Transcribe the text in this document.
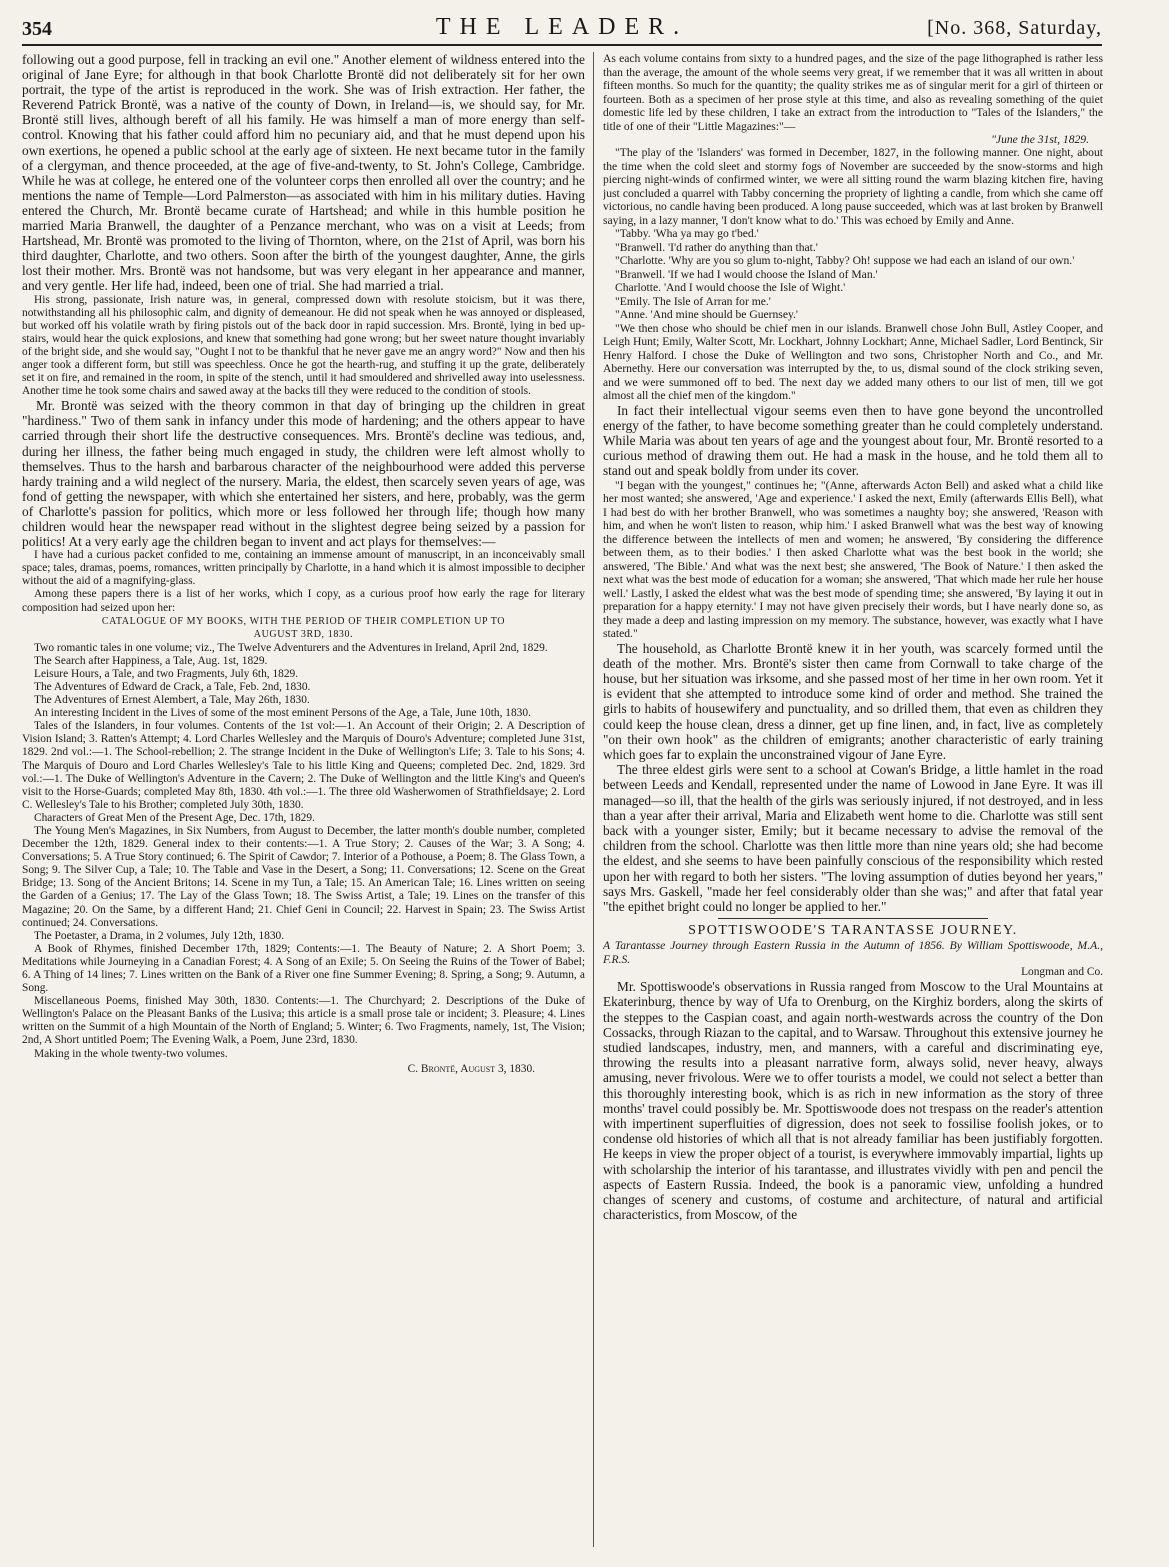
354	THE LEADER.	[No. 368, Saturday,

following out a good purpose, fell in tracking an evil one." Another element of wildness entered into the original of Jane Eyre; for although in that book Charlotte Brontë did not deliberately sit for her own portrait, the type of the artist is reproduced in the work. She was of Irish extraction. Her father, the Reverend Patrick Brontë, was a native of the county of Down, in Ireland—is, we should say, for Mr. Brontë still lives, although bereft of all his family. He was himself a man of more energy than self-control. Knowing that his father could afford him no pecuniary aid, and that he must depend upon his own exertions, he opened a public school at the early age of sixteen. He next became tutor in the family of a clergyman, and thence proceeded, at the age of five-and-twenty, to St. John's College, Cambridge. While he was at college, he entered one of the volunteer corps then enrolled all over the country; and he mentions the name of Temple—Lord Palmerston—as associated with him in his military duties. Having entered the Church, Mr. Brontë became curate of Hartshead; and while in this humble position he married Maria Branwell, the daughter of a Penzance merchant, who was on a visit at Leeds; from Hartshead, Mr. Brontë was promoted to the living of Thornton, where, on the 21st of April, was born his third daughter, Charlotte, and two others. Soon after the birth of the youngest daughter, Anne, the girls lost their mother. Mrs. Brontë was not handsome, but was very elegant in her appearance and manner, and very gentle. Her life had, indeed, been one of trial. She had married a trial.

His strong, passionate, Irish nature was, in general, compressed down with resolute stoicism, but it was there, notwithstanding all his philosophic calm, and dignity of demeanour. He did not speak when he was annoyed or displeased, but worked off his volatile wrath by firing pistols out of the back door in rapid succession. Mrs. Brontë, lying in bed up-stairs, would hear the quick explosions, and knew that something had gone wrong; but her sweet nature thought invariably of the bright side, and she would say, "Ought I not to be thankful that he never gave me an angry word?" Now and then his anger took a different form, but still was speechless. Once he got the hearth-rug, and stuffing it up the grate, deliberately set it on fire, and remained in the room, in spite of the stench, until it had smouldered and shrivelled away into uselessness. Another time he took some chairs and sawed away at the backs till they were reduced to the condition of stools.

Mr. Brontë was seized with the theory common in that day of bringing up the children in great "hardiness." Two of them sank in infancy under this mode of hardening; and the others appear to have carried through their short life the destructive consequences. Mrs. Brontë's decline was tedious, and, during her illness, the father being much engaged in study, the children were left almost wholly to themselves. Thus to the harsh and barbarous character of the neighbourhood were added this perverse hardy training and a wild neglect of the nursery. Maria, the eldest, then scarcely seven years of age, was fond of getting the newspaper, with which she entertained her sisters, and here, probably, was the germ of Charlotte's passion for politics, which more or less followed her through life; though how many children would hear the newspaper read without in the slightest degree being seized by a passion for politics! At a very early age the children began to invent and act plays for themselves:—

I have had a curious packet confided to me, containing an immense amount of manuscript, in an inconceivably small space; tales, dramas, poems, romances, written principally by Charlotte, in a hand which it is almost impossible to decipher without the aid of a magnifying-glass.

Among these papers there is a list of her works, which I copy, as a curious proof how early the rage for literary composition had seized upon her:

CATALOGUE OF MY BOOKS, WITH THE PERIOD OF THEIR COMPLETION UP TO

AUGUST 3RD, 1830.

Two romantic tales in one volume; viz., The Twelve Adventurers and the Adventures in Ireland, April 2nd, 1829.

The Search after Happiness, a Tale, Aug. 1st, 1829.

Leisure Hours, a Tale, and two Fragments, July 6th, 1829.

The Adventures of Edward de Crack, a Tale, Feb. 2nd, 1830.

The Adventures of Ernest Alembert, a Tale, May 26th, 1830.

An interesting Incident in the Lives of some of the most eminent Persons of the Age, a Tale, June 10th, 1830.

Tales of the Islanders, in four volumes. Contents of the 1st vol:—1. An Account of their Origin; 2. A Description of Vision Island; 3. Ratten's Attempt; 4. Lord Charles Wellesley and the Marquis of Douro's Adventure; completed June 31st, 1829. 2nd vol.:—1. The School-rebellion; 2. The strange Incident in the Duke of Wellington's Life; 3. Tale to his Sons; 4. The Marquis of Douro and Lord Charles Wellesley's Tale to his little King and Queens; completed Dec. 2nd, 1829. 3rd vol.:—1. The Duke of Wellington's Adventure in the Cavern; 2. The Duke of Wellington and the little King's and Queen's visit to the Horse-Guards; completed May 8th, 1830. 4th vol.:—1. The three old Washerwomen of Strathfieldsaye; 2. Lord C. Wellesley's Tale to his Brother; completed July 30th, 1830.

Characters of Great Men of the Present Age, Dec. 17th, 1829.

The Young Men's Magazines, in Six Numbers, from August to December, the latter month's double number, completed December the 12th, 1829. General index to their contents:—1. A True Story; 2. Causes of the War; 3. A Song; 4. Conversations; 5. A True Story continued; 6. The Spirit of Cawdor; 7. Interior of a Pothouse, a Poem; 8. The Glass Town, a Song; 9. The Silver Cup, a Tale; 10. The Table and Vase in the Desert, a Song; 11. Conversations; 12. Scene on the Great Bridge; 13. Song of the Ancient Britons; 14. Scene in my Tun, a Tale; 15. An American Tale; 16. Lines written on seeing the Garden of a Genius; 17. The Lay of the Glass Town; 18. The Swiss Artist, a Tale; 19. Lines on the transfer of this Magazine; 20. On the Same, by a different Hand; 21. Chief Geni in Council; 22. Harvest in Spain; 23. The Swiss Artist continued; 24. Conversations.

The Poetaster, a Drama, in 2 volumes, July 12th, 1830.

A Book of Rhymes, finished December 17th, 1829; Contents:—1. The Beauty of Nature; 2. A Short Poem; 3. Meditations while Journeying in a Canadian Forest; 4. A Song of an Exile; 5. On Seeing the Ruins of the Tower of Babel; 6. A Thing of 14 lines; 7. Lines written on the Bank of a River one fine Summer Evening; 8. Spring, a Song; 9. Autumn, a Song.

Miscellaneous Poems, finished May 30th, 1830. Contents:—1. The Churchyard; 2. Descriptions of the Duke of Wellington's Palace on the Pleasant Banks of the Lusiva; this article is a small prose tale or incident; 3. Pleasure; 4. Lines written on the Summit of a high Mountain of the North of England; 5. Winter; 6. Two Fragments, namely, 1st, The Vision; 2nd, A Short untitled Poem; The Evening Walk, a Poem, June 23rd, 1830.

Making in the whole twenty-two volumes.

C. Brontë, August 3, 1830.

As each volume contains from sixty to a hundred pages, and the size of the page lithographed is rather less than the average, the amount of the whole seems very great, if we remember that it was all written in about fifteen months. So much for the quantity; the quality strikes me as of singular merit for a girl of thirteen or fourteen. Both as a specimen of her prose style at this time, and also as revealing something of the quiet domestic life led by these children, I take an extract from the introduction to "Tales of the Islanders," the title of one of their "Little Magazines:"—

"June the 31st, 1829.

"The play of the 'Islanders' was formed in December, 1827, in the following manner. One night, about the time when the cold sleet and stormy fogs of November are succeeded by the snow-storms and high piercing night-winds of confirmed winter, we were all sitting round the warm blazing kitchen fire, having just concluded a quarrel with Tabby concerning the propriety of lighting a candle, from which she came off victorious, no candle having been produced. A long pause succeeded, which was at last broken by Branwell saying, in a lazy manner, 'I don't know what to do.' This was echoed by Emily and Anne.

"Tabby. 'Wha ya may go t'bed.'

"Branwell. 'I'd rather do anything than that.'

"Charlotte. 'Why are you so glum to-night, Tabby? Oh! suppose we had each an island of our own.'

"Branwell. 'If we had I would choose the Island of Man.'

Charlotte. 'And I would choose the Isle of Wight.'

"Emily. The Isle of Arran for me.'

"Anne. 'And mine should be Guernsey.'

"We then chose who should be chief men in our islands. Branwell chose John Bull, Astley Cooper, and Leigh Hunt; Emily, Walter Scott, Mr. Lockhart, Johnny Lockhart; Anne, Michael Sadler, Lord Bentinck, Sir Henry Halford. I chose the Duke of Wellington and two sons, Christopher North and Co., and Mr. Abernethy. Here our conversation was interrupted by the, to us, dismal sound of the clock striking seven, and we were summoned off to bed. The next day we added many others to our list of men, till we got almost all the chief men of the kingdom."

In fact their intellectual vigour seems even then to have gone beyond the uncontrolled energy of the father, to have become something greater than he could completely understand. While Maria was about ten years of age and the youngest about four, Mr. Brontë resorted to a curious method of drawing them out. He had a mask in the house, and he told them all to stand out and speak boldly from under its cover.

"I began with the youngest," continues he; "(Anne, afterwards Acton Bell) and asked what a child like her most wanted; she answered, 'Age and experience.' I asked the next, Emily (afterwards Ellis Bell), what I had best do with her brother Branwell, who was sometimes a naughty boy; she answered, 'Reason with him, and when he won't listen to reason, whip him.' I asked Branwell what was the best way of knowing the difference between the intellects of men and women; he answered, 'By considering the difference between them, as to their bodies.' I then asked Charlotte what was the best book in the world; she answered, 'The Bible.' And what was the next best; she answered, 'The Book of Nature.' I then asked the next what was the best mode of education for a woman; she answered, 'That which made her rule her house well.' Lastly, I asked the eldest what was the best mode of spending time; she answered, 'By laying it out in preparation for a happy eternity.' I may not have given precisely their words, but I have nearly done so, as they made a deep and lasting impression on my memory. The substance, however, was exactly what I have stated."

The household, as Charlotte Brontë knew it in her youth, was scarcely formed until the death of the mother. Mrs. Brontë's sister then came from Cornwall to take charge of the house, but her situation was irksome, and she passed most of her time in her own room. Yet it is evident that she attempted to introduce some kind of order and method. She trained the girls to habits of housewifery and punctuality, and so drilled them, that even as children they could keep the house clean, dress a dinner, get up fine linen, and, in fact, live as completely "on their own hook" as the children of emigrants; another characteristic of early training which goes far to explain the unconstrained vigour of Jane Eyre.

The three eldest girls were sent to a school at Cowan's Bridge, a little hamlet in the road between Leeds and Kendall, represented under the name of Lowood in Jane Eyre. It was ill managed—so ill, that the health of the girls was seriously injured, if not destroyed, and in less than a year after their arrival, Maria and Elizabeth went home to die. Charlotte was still sent back with a younger sister, Emily; but it became necessary to advise the removal of the children from the school. Charlotte was then little more than nine years old; she had become the eldest, and she seems to have been painfully conscious of the responsibility which rested upon her with regard to both her sisters. "The loving assumption of duties beyond her years," says Mrs. Gaskell, "made her feel considerably older than she was;" and after that fatal year "the epithet bright could no longer be applied to her."

SPOTTISWOODE'S TARANTASSE JOURNEY.

A Tarantasse Journey through Eastern Russia in the Autumn of 1856. By William Spottiswoode, M.A., F.R.S.

Longman and Co.

Mr. Spottiswoode's observations in Russia ranged from Moscow to the Ural Mountains at Ekaterinburg, thence by way of Ufa to Orenburg, on the Kirghiz borders, along the skirts of the steppes to the Caspian coast, and again north-westwards across the country of the Don Cossacks, through Riazan to the capital, and to Warsaw. Throughout this extensive journey he studied landscapes, industry, men, and manners, with a careful and discriminating eye, throwing the results into a pleasant narrative form, always solid, never heavy, always amusing, never frivolous. Were we to offer tourists a model, we could not select a better than this thoroughly interesting book, which is as rich in new information as the story of three months' travel could possibly be. Mr. Spottiswoode does not trespass on the reader's attention with impertinent superfluities of digression, does not seek to fossilise foolish jokes, or to condense old histories of which all that is not already familiar has been justifiably forgotten. He keeps in view the proper object of a tourist, is everywhere immovably impartial, lights up with scholarship the interior of his tarantasse, and illustrates vividly with pen and pencil the aspects of Eastern Russia. Indeed, the book is a panoramic view, unfolding a hundred changes of scenery and customs, of costume and architecture, of natural and artificial characteristics, from Moscow, of the
